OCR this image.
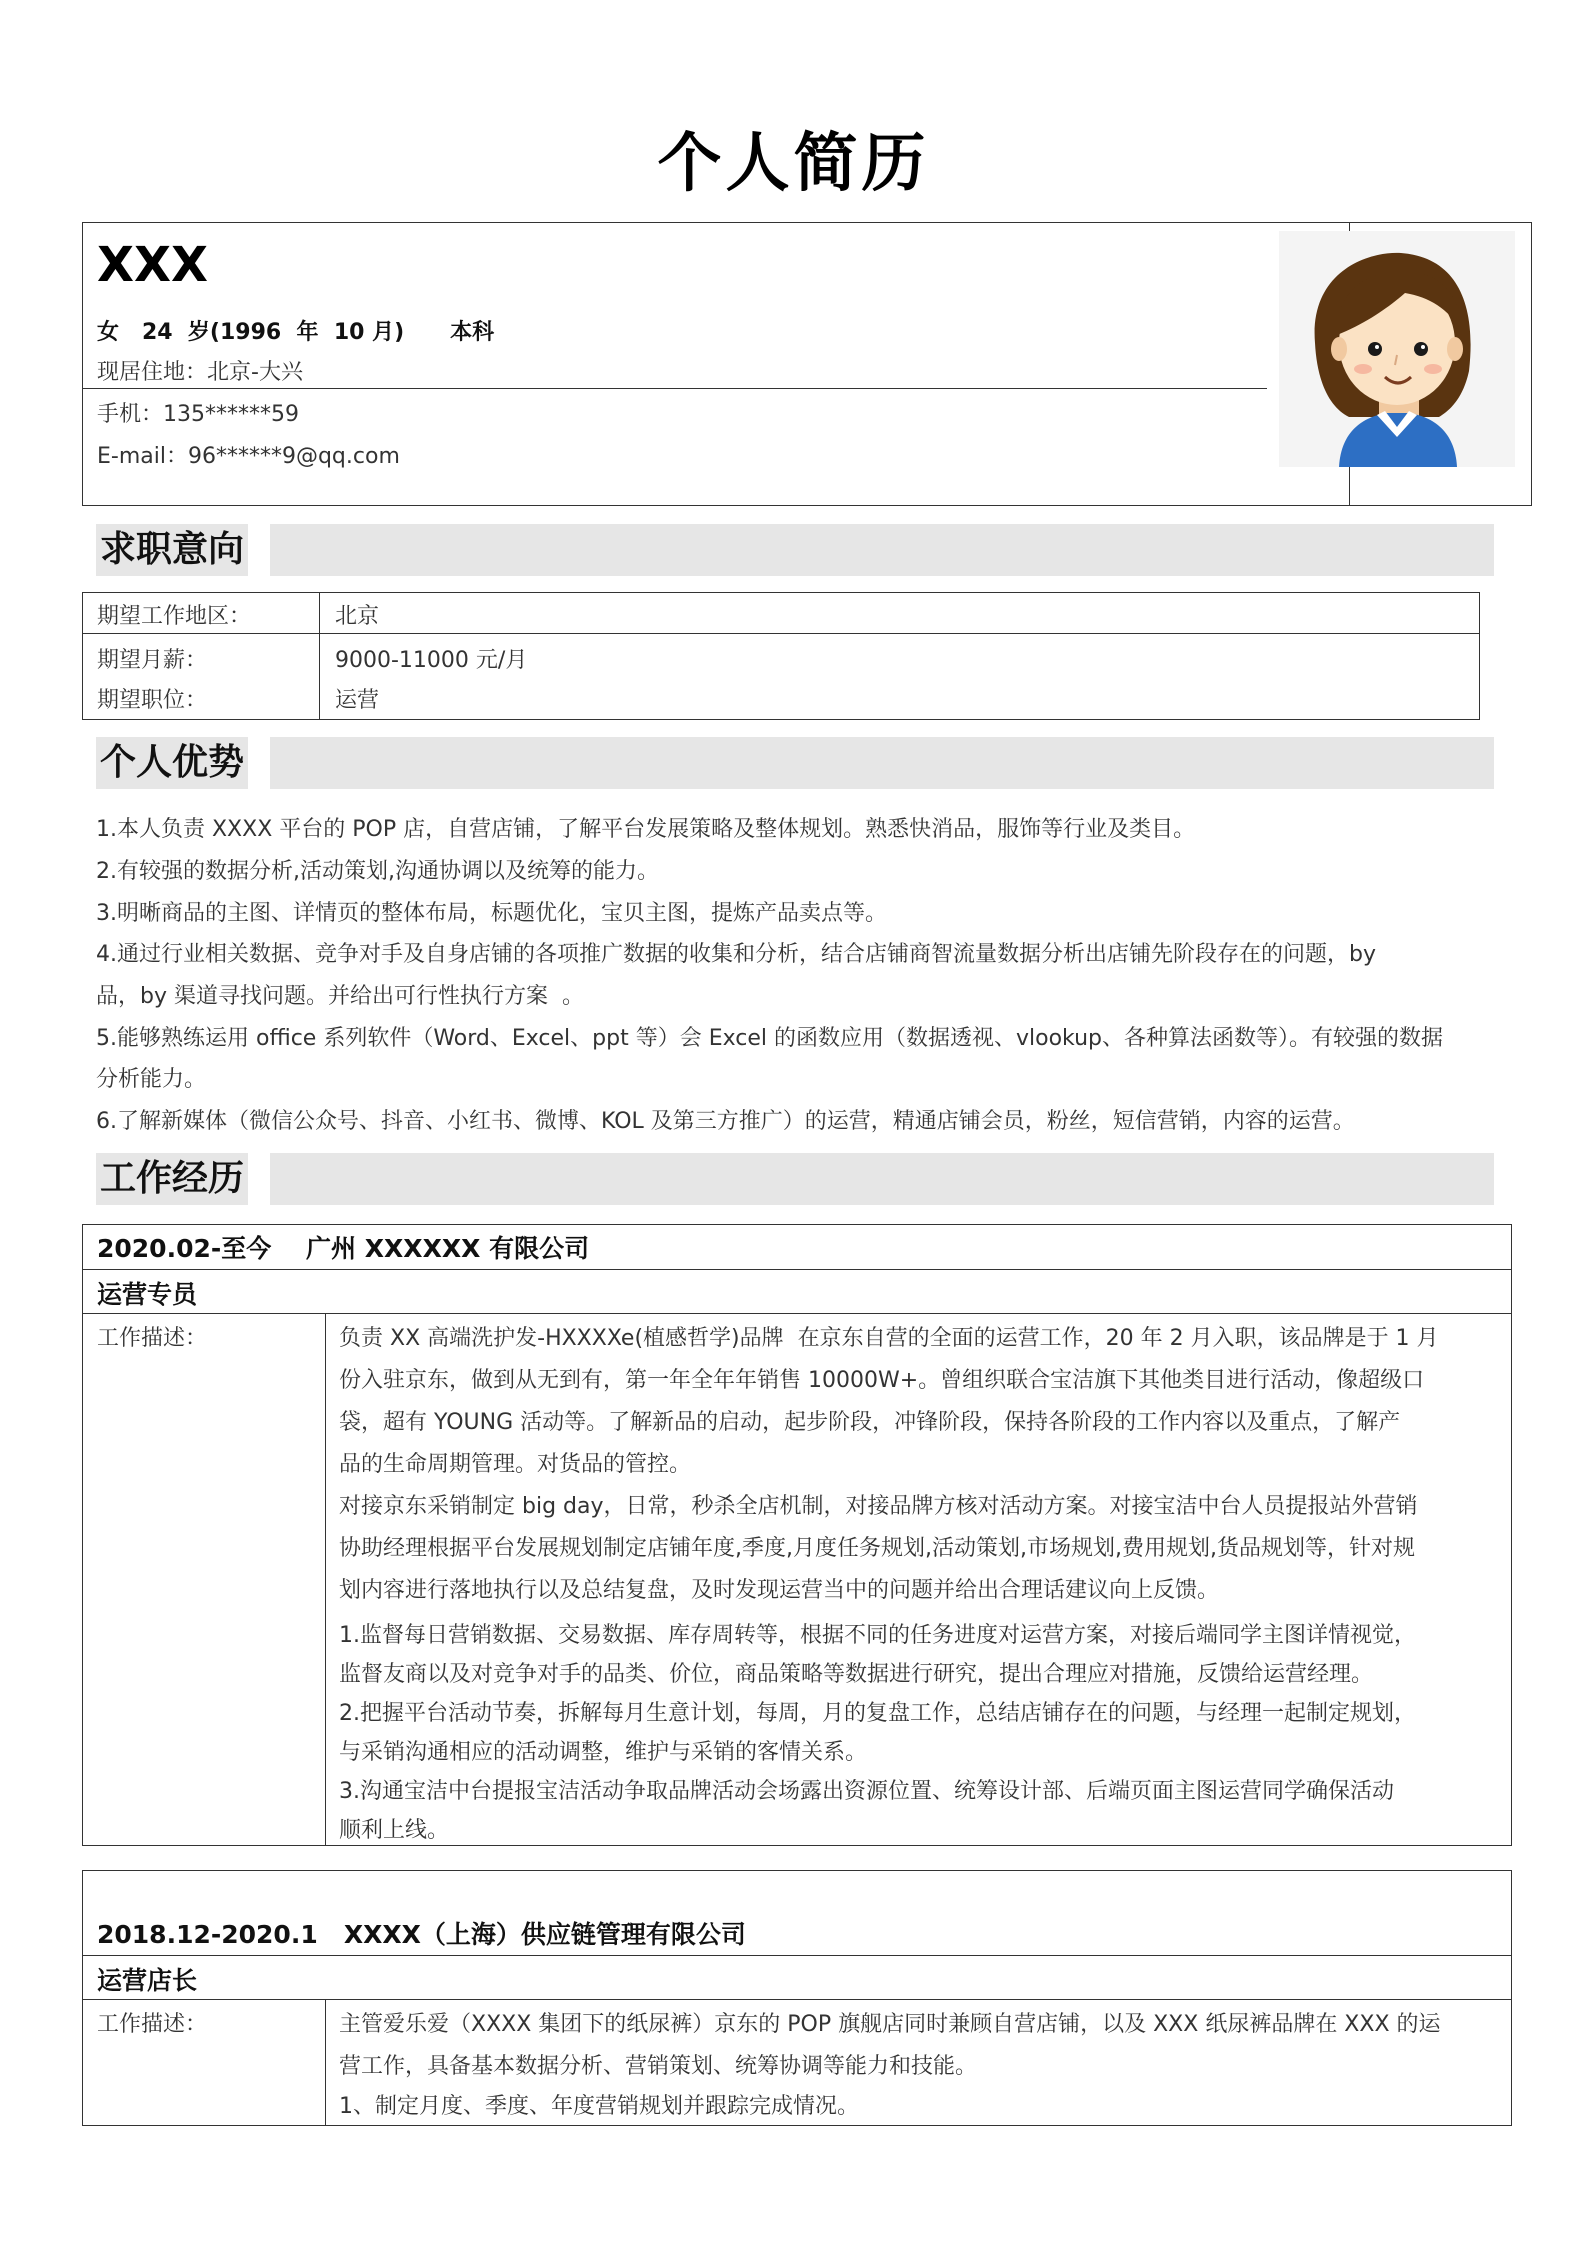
个人简历
XXX
女   24  岁(1996  年  10 月)      本科
现居住地：北京-大兴
手机：135******59
E-mail：96******9@qq.com
求职意向
期望工作地区：	北京
期望月薪：	9000-11000 元/月
期望职位：	运营
个人优势
1.本人负责 XXXX 平台的 POP 店，自营店铺，了解平台发展策略及整体规划。熟悉快消品，服饰等行业及类目。
2.有较强的数据分析,活动策划,沟通协调以及统筹的能力。
3.明晰商品的主图、详情页的整体布局，标题优化，宝贝主图，提炼产品卖点等。
4.通过行业相关数据、竞争对手及自身店铺的各项推广数据的收集和分析，结合店铺商智流量数据分析出店铺先阶段存在的问题，by
品，by 渠道寻找问题。并给出可行性执行方案  。
5.能够熟练运用 office 系列软件（Word、Excel、ppt 等）会 Excel 的函数应用（数据透视、vlookup、各种算法函数等）。有较强的数据
分析能力。
6.了解新媒体（微信公众号、抖音、小红书、微博、KOL 及第三方推广）的运营，精通店铺会员，粉丝，短信营销，内容的运营。
工作经历
2020.02-至今    广州 XXXXXX 有限公司
运营专员
工作描述：	负责 XX 高端洗护发-HXXXXe(植感哲学)品牌  在京东自营的全面的运营工作，20 年 2 月入职，该品牌是于 1 月
份入驻京东，做到从无到有，第一年全年年销售 10000W+。曾组织联合宝洁旗下其他类目进行活动，像超级口
袋，超有 YOUNG 活动等。了解新品的启动，起步阶段，冲锋阶段，保持各阶段的工作内容以及重点，了解产
品的生命周期管理。对货品的管控。
对接京东采销制定 big day，日常，秒杀全店机制，对接品牌方核对活动方案。对接宝洁中台人员提报站外营销
协助经理根据平台发展规划制定店铺年度,季度,月度任务规划,活动策划,市场规划,费用规划,货品规划等，针对规
划内容进行落地执行以及总结复盘，及时发现运营当中的问题并给出合理话建议向上反馈。
1.监督每日营销数据、交易数据、库存周转等，根据不同的任务进度对运营方案，对接后端同学主图详情视觉，
监督友商以及对竞争对手的品类、价位，商品策略等数据进行研究，提出合理应对措施，反馈给运营经理。
2.把握平台活动节奏，拆解每月生意计划，每周，月的复盘工作，总结店铺存在的问题，与经理一起制定规划，
与采销沟通相应的活动调整，维护与采销的客情关系。
3.沟通宝洁中台提报宝洁活动争取品牌活动会场露出资源位置、统筹设计部、后端页面主图运营同学确保活动
顺利上线。
2018.12-2020.1   XXXX（上海）供应链管理有限公司
运营店长
工作描述：	主管爱乐爱（XXXX 集团下的纸尿裤）京东的 POP 旗舰店同时兼顾自营店铺，以及 XXX 纸尿裤品牌在 XXX 的运
营工作，具备基本数据分析、营销策划、统筹协调等能力和技能。
1、制定月度、季度、年度营销规划并跟踪完成情况。
